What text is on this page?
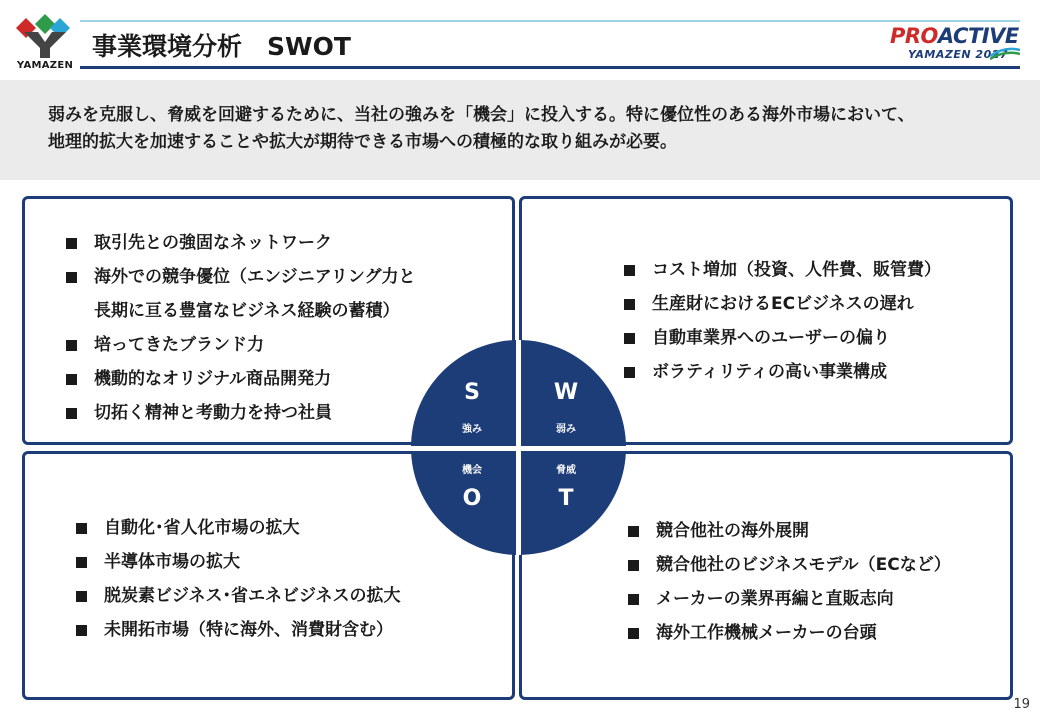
YAMAZEN
事業環境分析　SWOT	PROACTIVE
YAMAZEN 2027
弱みを克服し、脅威を回避するために、当社の強みを「機会」に投入する。特に優位性のある海外市場において、
地理的拡大を加速することや拡大が期待できる市場への積極的な取り組みが必要。
取引先との強固なネットワーク
海外での競争優位（エンジニアリング力と
長期に亘る豊富なビジネス経験の蓄積）
培ってきたブランド力
機動的なオリジナル商品開発力
切拓く精神と考動力を持つ社員
コスト増加（投資、人件費、販管費）
生産財におけるECビジネスの遅れ
自動車業界へのユーザーの偏り
ボラティリティの高い事業構成
自動化･省人化市場の拡大
半導体市場の拡大
脱炭素ビジネス･省エネビジネスの拡大
未開拓市場（特に海外、消費財含む）
競合他社の海外展開
競合他社のビジネスモデル（ECなど）
メーカーの業界再編と直販志向
海外工作機械メーカーの台頭
S
強み
W
弱み
機会
O
脅威
T
19
